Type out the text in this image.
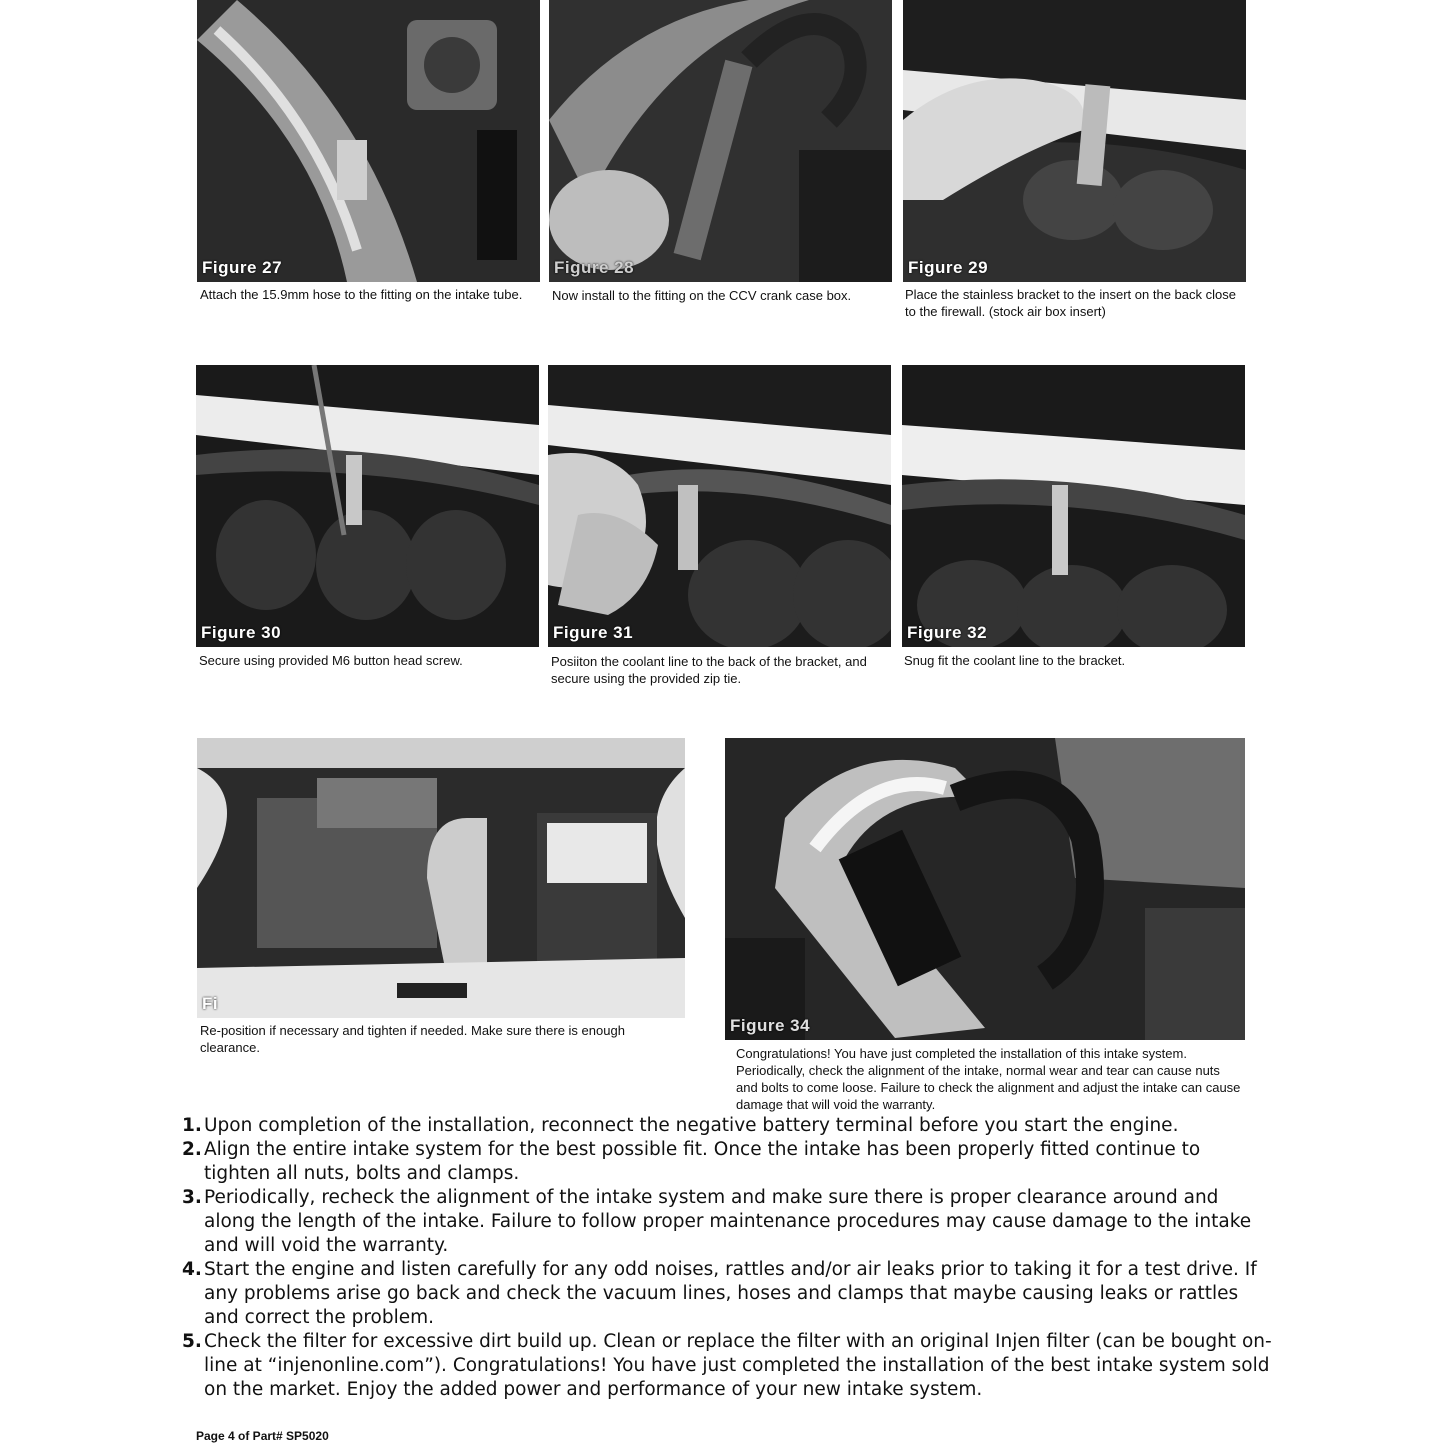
Figure 27
Attach the 15.9mm hose to the fitting on the intake tube.
Figure 28
Now install to the fitting on the CCV crank case box.
Figure 29
Place the stainless bracket to the insert on the back close to the firewall. (stock air box insert)
Figure 30
Secure using provided M6 button head screw.
Figure 31
Posiiton the coolant line to the back of the bracket, and secure using the provided zip tie.
Figure 32
Snug fit the coolant line to the bracket.
Fi
Re-position if necessary and tighten if needed. Make sure there is enough clearance.
Figure 34
Congratulations! You have just completed the installation of this intake system. Periodically, check the alignment of the intake, normal wear and tear can cause nuts and bolts to come loose. Failure to check the alignment and adjust the intake can cause damage that will void the warranty.

1. Upon completion of the installation, reconnect the negative battery terminal before you start the engine.

2. Align the entire intake system for the best possible fit. Once the intake has been properly fitted continue to tighten all nuts, bolts and clamps.

3. Periodically, recheck the alignment of the intake system and make sure there is proper clearance around and along the length of the intake. Failure to follow proper maintenance procedures may cause damage to the intake and will void the warranty.

4. Start the engine and listen carefully for any odd noises, rattles and/or air leaks prior to taking it for a test drive. If any problems arise go back and check the vacuum lines, hoses and clamps that maybe causing leaks or rattles and correct the problem.

5. Check the filter for excessive dirt build up. Clean or replace the filter with an original Injen filter (can be bought on-line at “injenonline.com”). Congratulations! You have just completed the installation of the best intake system sold on the market. Enjoy the added power and performance of your new intake system.

Page 4 of Part# SP5020
